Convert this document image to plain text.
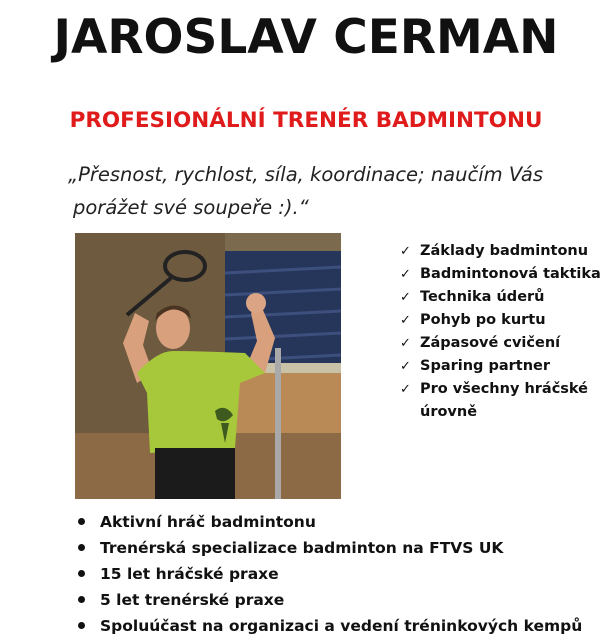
JAROSLAV CERMAN
PROFESIONÁLNÍ TRENÉR BADMINTONU
„Přesnost, rychlost, síla, koordinace; naučím Vás
porážet své soupeře :).“
✓ Základy badmintonu
✓ Badmintonová taktika
✓ Technika úderů
✓ Pohyb po kurtu
✓ Zápasové cvičení
✓ Sparing partner
✓ Pro všechny hráčské
úrovně
Aktivní hráč badmintonu
Trenérská specializace badminton na FTVS UK
15 let hráčské praxe
5 let trenérské praxe
Spoluúčast na organizaci a vedení tréninkových kempů
